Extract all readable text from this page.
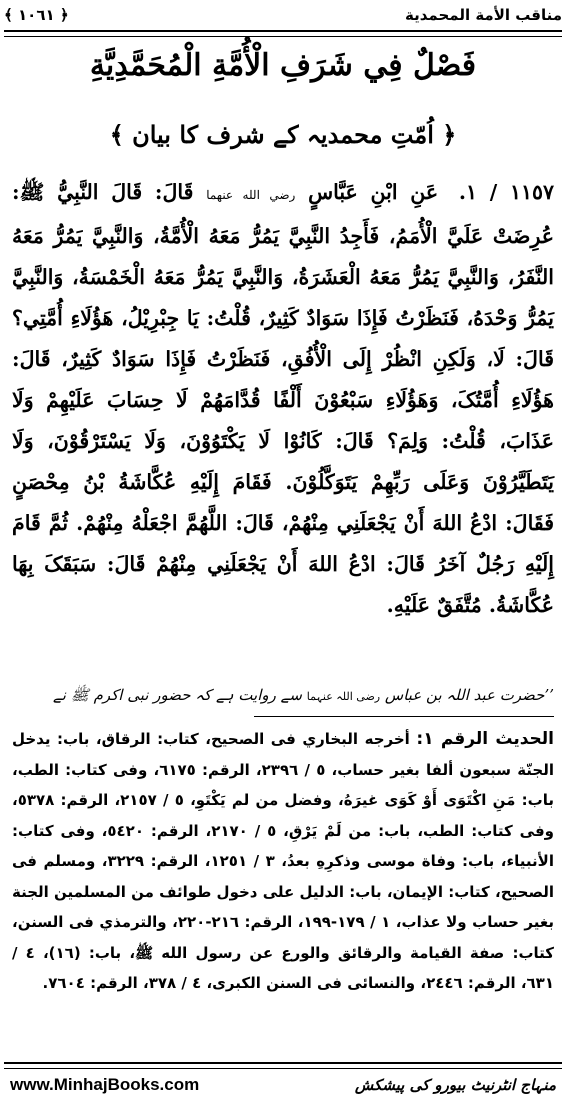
﴿ ١٠٦١ ﴾	مناقب الأمة المحمدية
فَصْلٌ فِي شَرَفِ الْأُمَّةِ الْمُحَمَّدِيَّةِ
﴿ اُمّتِ محمدیہ کے شرف کا بیان ﴾
١١٥٧ / ١. عَنِ ابْنِ عَبَّاسٍ رضي الله عنهما قَالَ: قَالَ النَّبِيُّ ﷺ: عُرِضَتْ عَلَيَّ الْأُمَمُ، فَأَجِدُ النَّبِيَّ يَمُرُّ مَعَهُ الْأُمَّةُ، وَالنَّبِيَّ يَمُرُّ مَعَهُ النَّفَرُ، وَالنَّبِيَّ يَمُرُّ مَعَهُ الْعَشَرَةُ، وَالنَّبِيَّ يَمُرُّ مَعَهُ الْخَمْسَةُ، وَالنَّبِيَّ يَمُرُّ وَحْدَهُ، فَنَظَرْتُ فَإِذَا سَوَادٌ كَثِيرٌ، قُلْتُ: يَا جِبْرِيْلُ، هَؤُلَاءِ أُمَّتِي؟ قَالَ: لَا، وَلَكِنِ انْظُرْ إِلَى الْأُفُقِ، فَنَظَرْتُ فَإِذَا سَوَادٌ كَثِيرٌ، قَالَ: هَؤُلَاءِ أُمَّتُکَ، وَهَؤُلَاءِ سَبْعُوْنَ أَلْفًا قُدَّامَهُمْ لَا حِسَابَ عَلَيْهِمْ وَلَا عَذَابَ، قُلْتُ: وَلِمَ؟ قَالَ: كَانُوْا لَا يَكْتَوُوْنَ، وَلَا يَسْتَرْقُوْنَ، وَلَا يَتَطَيَّرُوْنَ وَعَلَى رَبِّهِمْ يَتَوَكَّلُوْنَ. فَقَامَ إِلَيْهِ عُكَّاشَةُ بْنُ مِحْصَنٍ فَقَالَ: ادْعُ اللهَ أَنْ يَجْعَلَنِي مِنْهُمْ، قَالَ: اللَّهُمَّ اجْعَلْهُ مِنْهُمْ. ثُمَّ قَامَ إِلَيْهِ رَجُلٌ آخَرُ قَالَ: ادْعُ اللهَ أَنْ يَجْعَلَنِي مِنْهُمْ قَالَ: سَبَقَکَ بِهَا عُكَّاشَةُ. مُتَّفَقٌ عَلَيْهِ.
’’حضرت عبد اللہ بن عباس رضی اللہ عنہما سے روایت ہے کہ حضور نبی اکرم ﷺ نے
الحديث الرقم ١: أخرجه البخاري فى الصحيح، كتاب: الرقاق، باب: يدخل الجنّة سبعون ألفا بغير حساب، ٥ / ٢٣٩٦، الرقم: ٦١٧٥، وفى كتاب: الطب، باب: مَنِ اكْتَوَى أَوْ كَوَى غيرَهُ، وفضل من لم يَكْتَوِ، ٥ / ٢١٥٧، الرقم: ٥٣٧٨، وفى كتاب: الطب، باب: من لَمْ يَرْقِ، ٥ / ٢١٧٠، الرقم: ٥٤٢٠، وفى كتاب: الأنبياء، باب: وفاة موسى وذكرِهِ بعدُ، ٣ / ١٢٥١، الرقم: ٣٢٢٩، ومسلم فى الصحيح، كتاب: الإيمان، باب: الدليل على دخول طوائف من المسلمين الجنة بغير حساب ولا عذاب، ١ / ١٧٩-١٩٩، الرقم: ٢١٦-٢٢٠، والترمذي فى السنن، كتاب: صفة القيامة والرقائق والورع عن رسول الله ﷺ، باب: (١٦)، ٤ / ٦٣١، الرقم: ٢٤٤٦، والنسائى فى السنن الكبرى، ٤ / ٣٧٨، الرقم: ٧٦٠٤.
www.MinhajBooks.com	منہاج انٹرنیٹ بیورو کی پیشکش
